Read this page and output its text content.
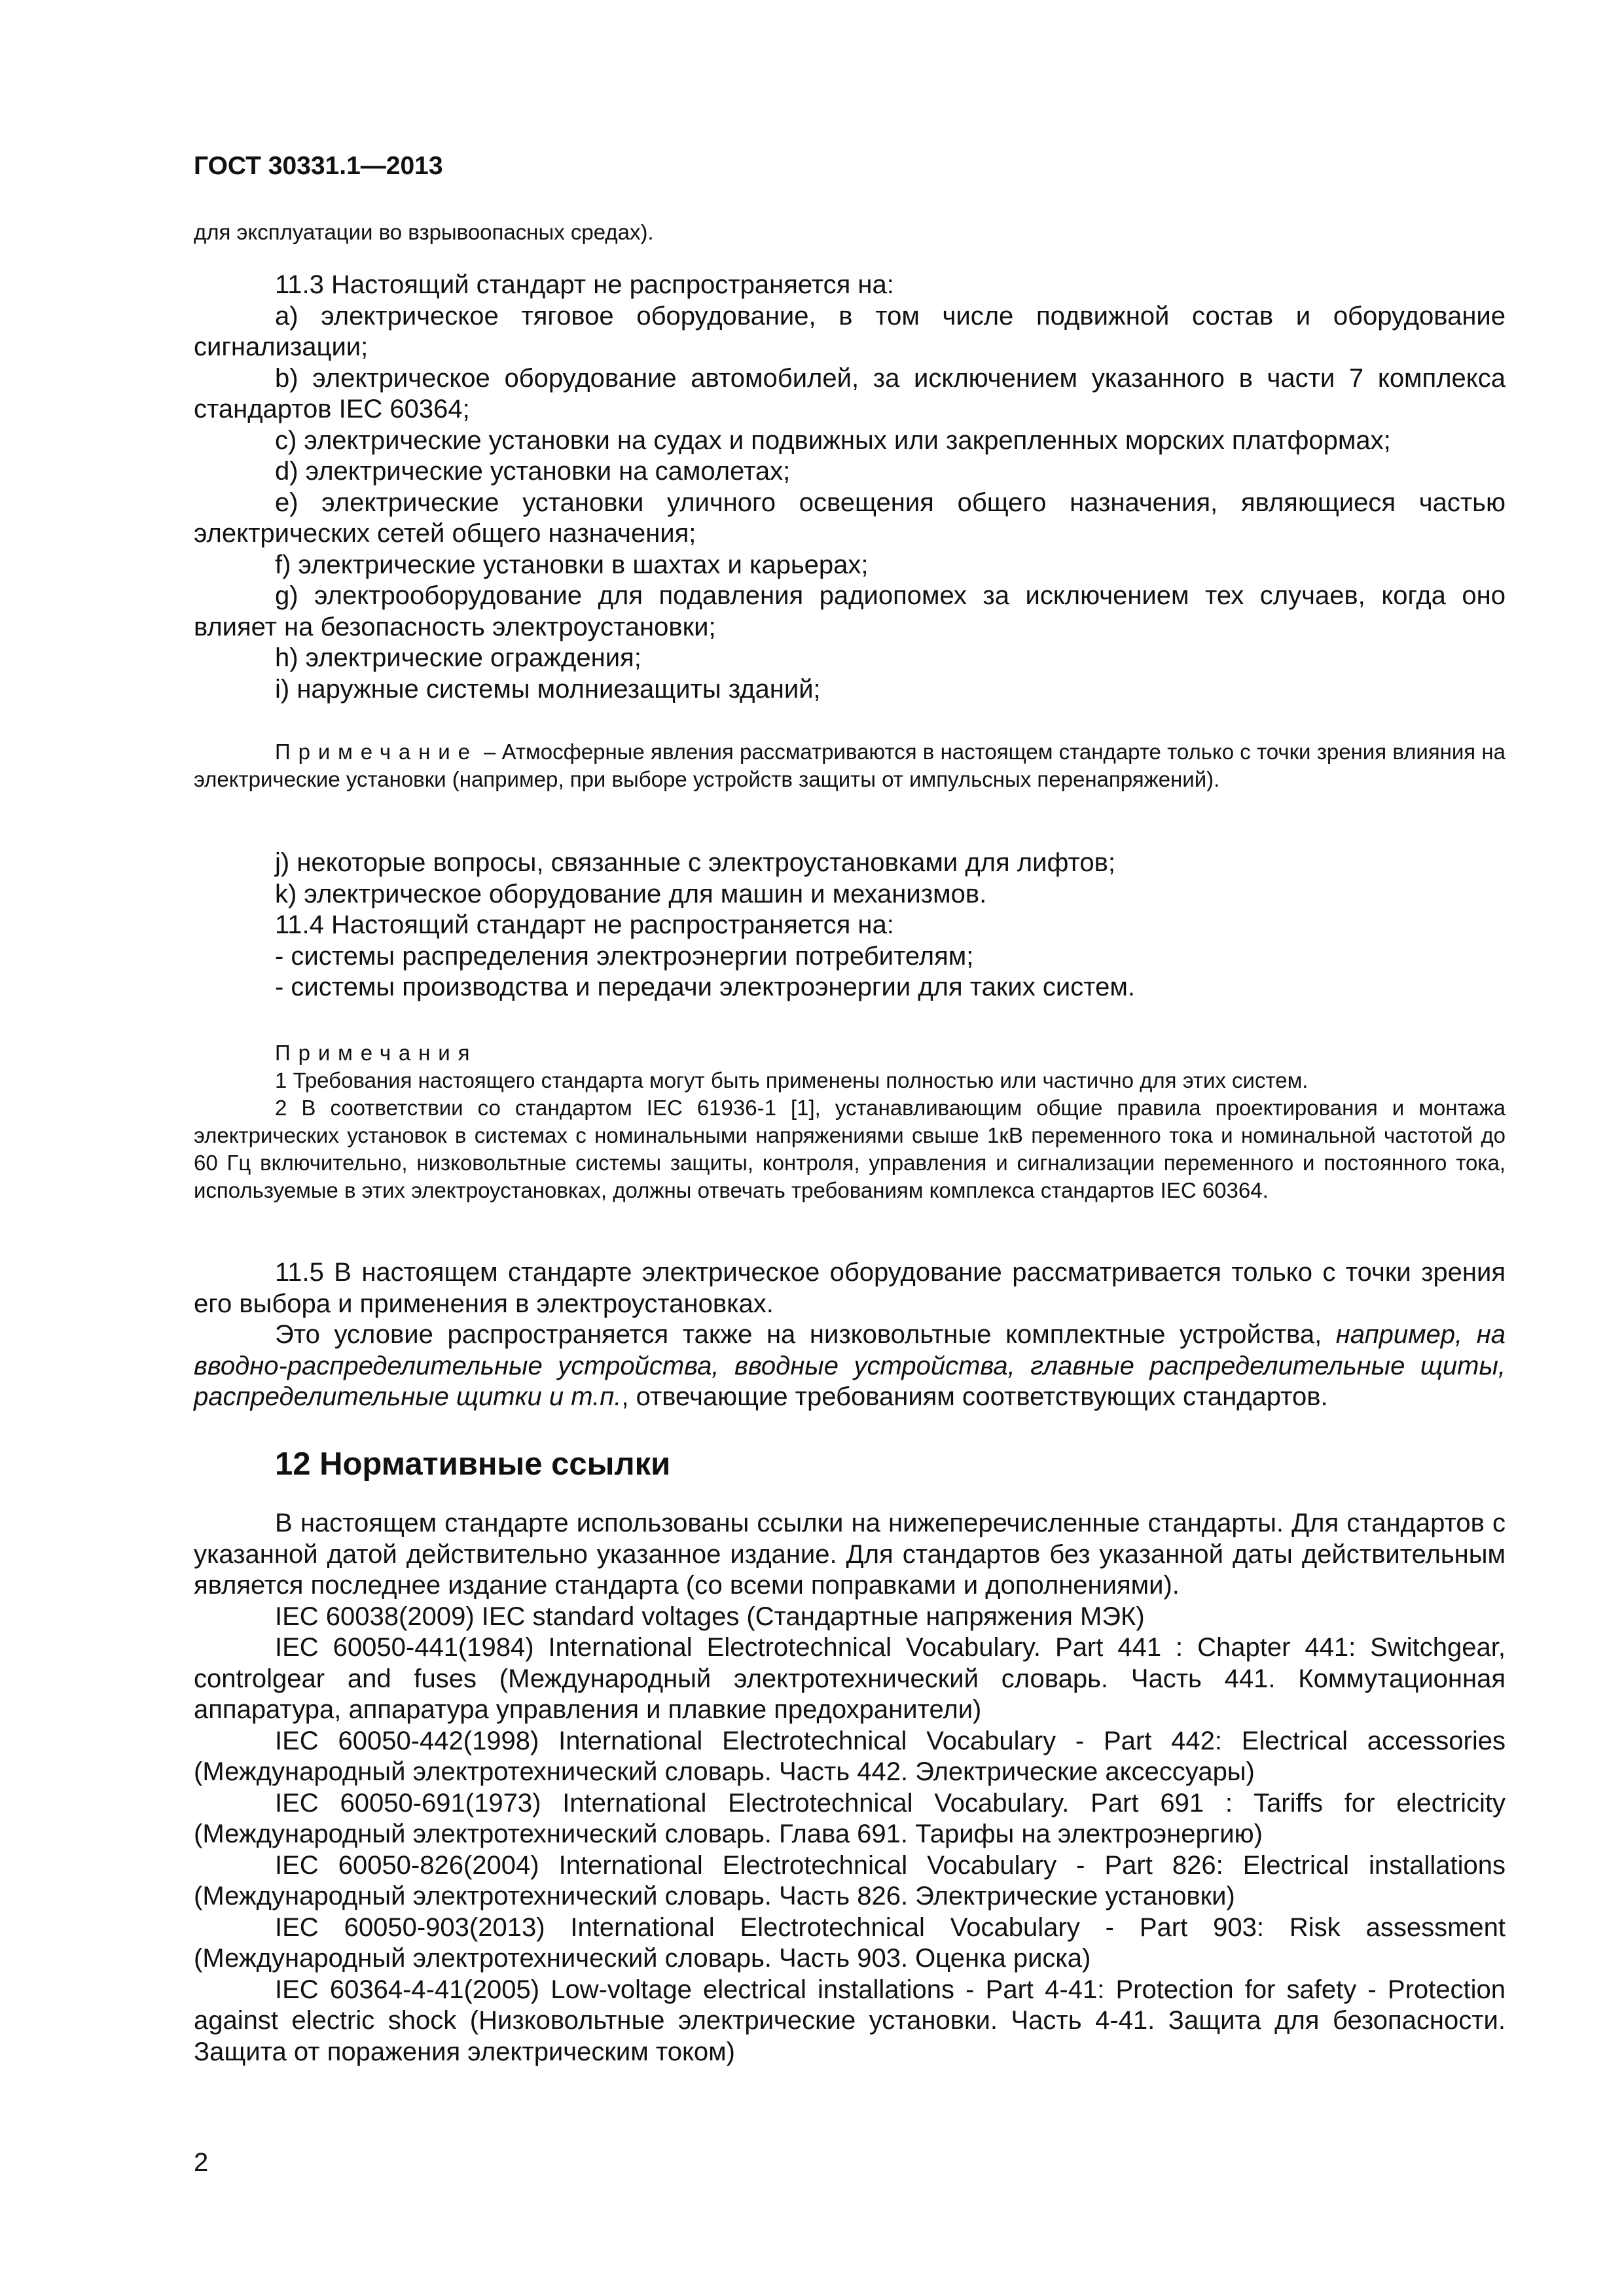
ГОСТ 30331.1—2013

для эксплуатации во взрывоопасных средах).

11.3 Настоящий стандарт не распространяется на:

a) электрическое тяговое оборудование, в том числе подвижной состав и оборудование сигнализации;

b) электрическое оборудование автомобилей, за исключением указанного в части 7 комплекса стандартов IEC 60364;

c) электрические установки на судах и подвижных или закрепленных морских платформах;

d) электрические установки на самолетах;

e) электрические установки уличного освещения общего назначения, являющиеся частью электрических сетей общего назначения;

f) электрические установки в шахтах и карьерах;

g) электрооборудование для подавления радиопомех за исключением тех случаев, когда оно влияет на безопасность электроустановки;

h) электрические ограждения;

i) наружные системы молниезащиты зданий;

Примечание – Атмосферные явления рассматриваются в настоящем стандарте только с точки зрения влияния на электрические установки (например, при выборе устройств защиты от импульсных перенапряжений).

j) некоторые вопросы, связанные с электроустановками для лифтов;

k) электрическое оборудование для машин и механизмов.

11.4 Настоящий стандарт не распространяется на:

- системы распределения электроэнергии потребителям;

- системы производства и передачи электроэнергии для таких систем.

Примечания

1 Требования настоящего стандарта могут быть применены полностью или частично для этих систем.

2 В соответствии со стандартом IEC 61936-1 [1], устанавливающим общие правила проектирования и монтажа электрических установок в системах с номинальными напряжениями свыше 1кВ переменного тока и номинальной частотой до 60 Гц включительно, низковольтные системы защиты, контроля, управления и сигнализации переменного и постоянного тока, используемые в этих электроустановках, должны отвечать требованиям комплекса стандартов IEC 60364.

11.5 В настоящем стандарте электрическое оборудование рассматривается только с точки зрения его выбора и применения в электроустановках.

Это условие распространяется также на низковольтные комплектные устройства, например, на вводно-распределительные устройства, вводные устройства, главные распределительные щиты, распределительные щитки и т.п., отвечающие требованиям соответствующих стандартов.

12 Нормативные ссылки

В настоящем стандарте использованы ссылки на нижеперечисленные стандарты. Для стандартов с указанной датой действительно указанное издание. Для стандартов без указанной даты действительным является последнее издание стандарта (со всеми поправками и дополнениями).

IEC 60038(2009) IEC standard voltages (Стандартные напряжения МЭК)

IEC 60050-441(1984) International Electrotechnical Vocabulary. Part 441 : Chapter 441: Switchgear, controlgear and fuses (Международный электротехнический словарь. Часть 441. Коммутационная аппаратура, аппаратура управления и плавкие предохранители)

IEC 60050-442(1998) International Electrotechnical Vocabulary - Part 442: Electrical accessories (Международный электротехнический словарь. Часть 442. Электрические аксессуары)

IEC 60050-691(1973) International Electrotechnical Vocabulary. Part 691 : Tariffs for electricity (Международный электротехнический словарь. Глава 691. Тарифы на электроэнергию)

IEC 60050-826(2004) International Electrotechnical Vocabulary - Part 826: Electrical installations (Международный электротехнический словарь. Часть 826. Электрические установки)

IEC 60050-903(2013) International Electrotechnical Vocabulary - Part 903: Risk assessment (Международный электротехнический словарь. Часть 903. Оценка риска)

IEC 60364-4-41(2005) Low-voltage electrical installations - Part 4-41: Protection for safety - Protection against electric shock (Низковольтные электрические установки. Часть 4-41. Защита для безопасности. Защита от поражения электрическим током)

2
